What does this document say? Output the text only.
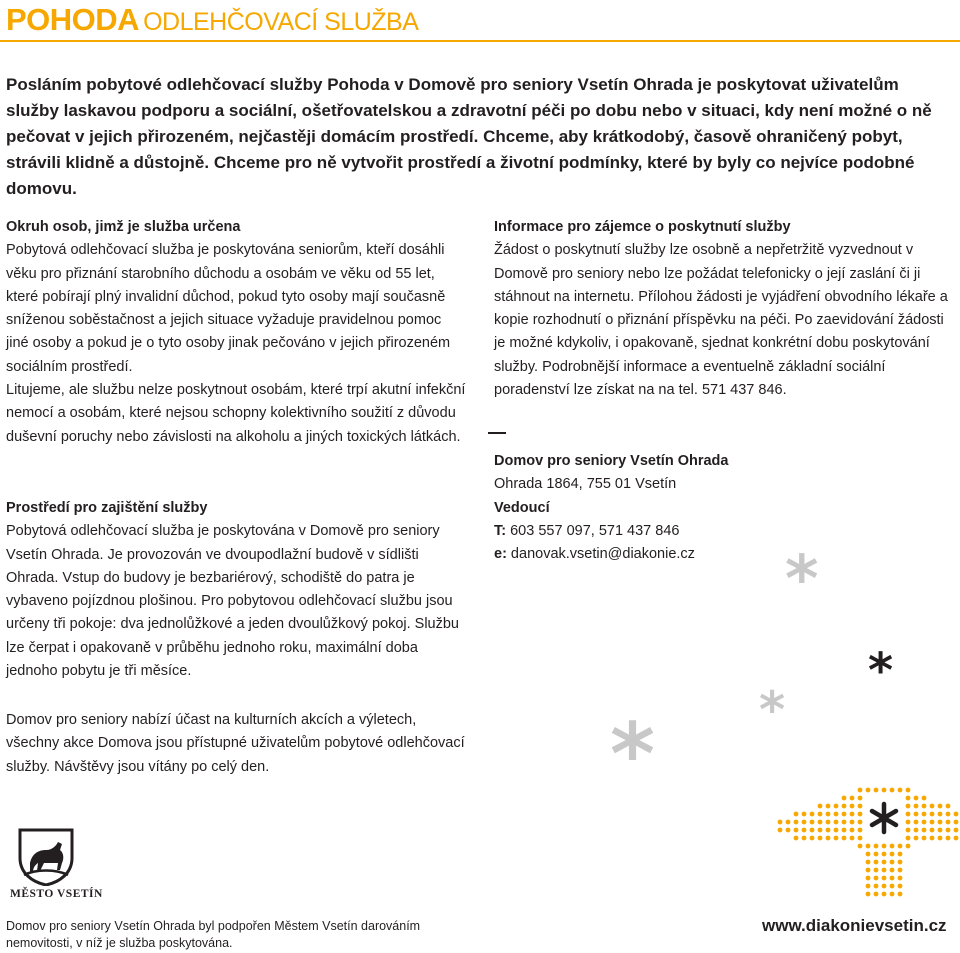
POHODA ODLEHČOVACÍ SLUŽBA

Posláním pobytové odlehčovací služby Pohoda v Domově pro seniory Vsetín Ohrada je poskytovat uživatelům služby laskavou podporu a sociální, ošetřovatelskou a zdravotní péči po dobu nebo v situaci, kdy není možné o ně pečovat v jejich přirozeném, nejčastěji domácím prostředí. Chceme, aby krátkodobý, časově ohraničený pobyt, strávili klidně a důstojně. Chceme pro ně vytvořit prostředí a životní podmínky, které by byly co nejvíce podobné domovu.

Okruh osob, jimž je služba určena

Pobytová odlehčovací služba je poskytována seniorům, kteří dosáhli věku pro přiznání starobního důchodu a osobám ve věku od 55 let, které pobírají plný invalidní důchod, pokud tyto osoby mají současně sníženou soběstačnost a jejich situace vyžaduje pravidelnou pomoc jiné osoby a pokud je o tyto osoby jinak pečováno v jejich přirozeném sociálním prostředí.

Litujeme, ale službu nelze poskytnout osobám, které trpí akutní infekční nemocí a osobám, které nejsou schopny kolektivního soužití z důvodu duševní poruchy nebo závislosti na alkoholu a jiných toxických látkách.

Prostředí pro zajištění služby

Pobytová odlehčovací služba je poskytována v Domově pro seniory Vsetín Ohrada. Je provozován ve dvoupodlažní budově v sídlišti Ohrada. Vstup do budovy je bezbariérový, schodiště do patra je vybaveno pojízdnou plošinou. Pro pobytovou odlehčovací službu jsou určeny tři pokoje: dva jednolůžkové a jeden dvoulůžkový pokoj. Službu lze čerpat i opakovaně v průběhu jednoho roku, maximální doba jednoho pobytu je tři měsíce.

Domov pro seniory nabízí účast na kulturních akcích a výletech, všechny akce Domova jsou přístupné uživatelům pobytové odlehčovací služby. Návštěvy jsou vítány po celý den.

Informace pro zájemce o poskytnutí služby

Žádost o poskytnutí služby lze osobně a nepřetržitě vyzvednout v Domově pro seniory nebo lze požádat telefonicky o její zaslání či ji stáhnout na internetu. Přílohou žádosti je vyjádření obvodního lékaře a kopie rozhodnutí o přiznání příspěvku na péči. Po zaevidování žádosti je možné kdykoliv, i opakovaně, sjednat konkrétní dobu poskytování služby. Podrobnější informace a eventuelně základní sociální poradenství lze získat na na tel. 571 437 846.

Domov pro seniory Vsetín Ohrada

Ohrada 1864, 755 01 Vsetín

Vedoucí

T: 603 557 097, 571 437 846

e: danovak.vsetin@diakonie.cz	*
*
*
*
MĚSTO VSETÍN

Domov pro seniory Vsetín Ohrada byl podpořen Městem Vsetín darováním nemovitosti, v níž je služba poskytována.

www.diakonievsetin.cz
